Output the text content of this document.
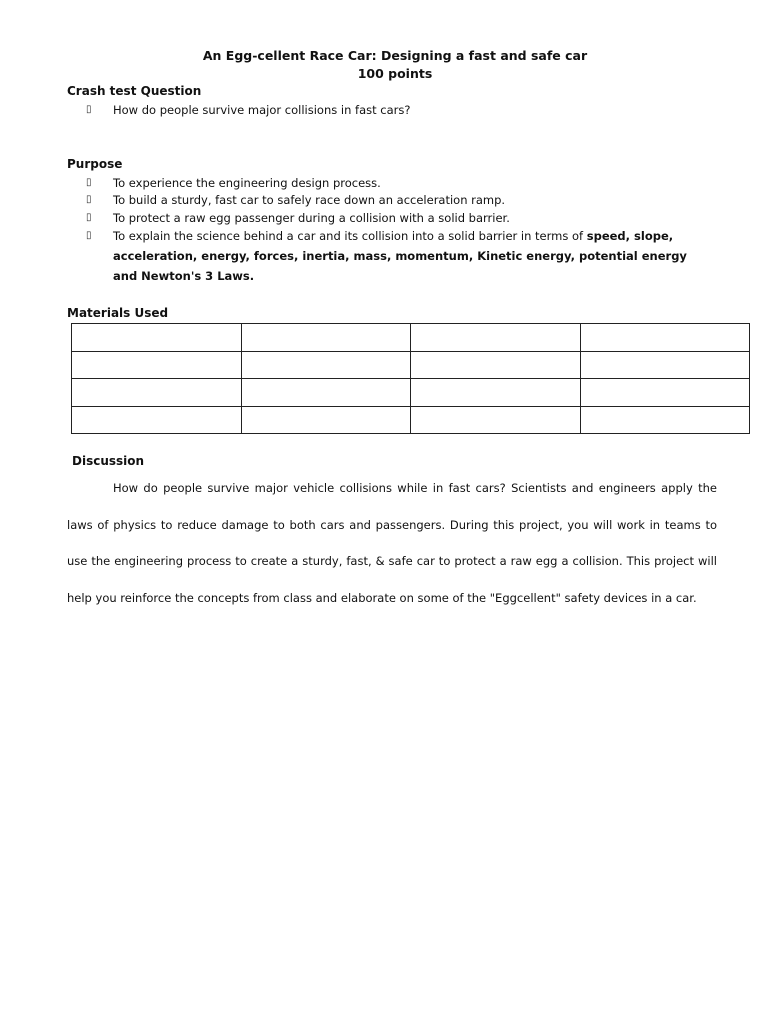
An Egg-cellent Race Car: Designing a fast and safe car
100 points
Crash test Question
▯ How do people survive major collisions in fast cars?
Purpose
▯ To experience the engineering design process.
▯ To build a sturdy, fast car to safely race down an acceleration ramp.
▯ To protect a raw egg passenger during a collision with a solid barrier.
▯ To explain the science behind a car and its collision into a solid barrier in terms of speed, slope, acceleration, energy, forces, inertia, mass, momentum, Kinetic energy, potential energy and Newton's 3 Laws.
Materials Used

Discussion
How do people survive major vehicle collisions while in fast cars? Scientists and engineers apply the laws of physics to reduce damage to both cars and passengers. During this project, you will work in teams to use the engineering process to create a sturdy, fast, & safe car to protect a raw egg a collision. This project will help you reinforce the concepts from class and elaborate on some of the "Eggcellent" safety devices in a car.
